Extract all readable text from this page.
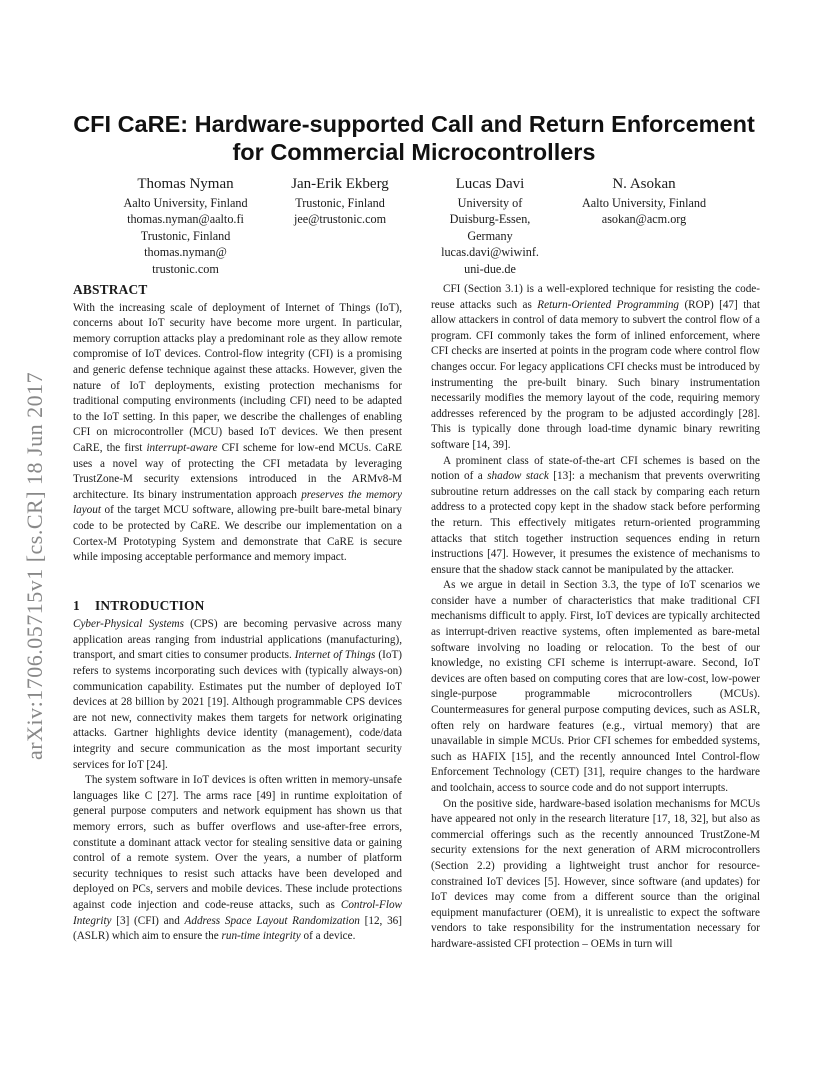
arXiv:1706.05715v1 [cs.CR] 18 Jun 2017
CFI CaRE: Hardware-supported Call and Return Enforcement
for Commercial Microcontrollers
Thomas Nyman
Aalto University, Finland
thomas.nyman@aalto.fi
Trustonic, Finland
thomas.nyman@
trustonic.com
Jan-Erik Ekberg
Trustonic, Finland
jee@trustonic.com
Lucas Davi
University of
Duisburg-Essen,
Germany
lucas.davi@wiwinf.
uni-due.de
N. Asokan
Aalto University, Finland
asokan@acm.org
ABSTRACT

With the increasing scale of deployment of Internet of Things (IoT), concerns about IoT security have become more urgent. In particular, memory corruption attacks play a predominant role as they allow remote compromise of IoT devices. Control-flow integrity (CFI) is a promising and generic defense technique against these attacks. However, given the nature of IoT deployments, existing protection mechanisms for traditional computing environments (including CFI) need to be adapted to the IoT setting. In this paper, we describe the challenges of enabling CFI on microcontroller (MCU) based IoT devices. We then present CaRE, the first interrupt-aware CFI scheme for low-end MCUs. CaRE uses a novel way of protecting the CFI metadata by leveraging TrustZone-M security extensions introduced in the ARMv8-M architecture. Its binary instrumentation approach preserves the memory layout of the target MCU software, allowing pre-built bare-metal binary code to be protected by CaRE. We describe our implementation on a Cortex-M Prototyping System and demonstrate that CaRE is secure while imposing acceptable performance and memory impact.

1 INTRODUCTION

Cyber-Physical Systems (CPS) are becoming pervasive across many application areas ranging from industrial applications (manufacturing), transport, and smart cities to consumer products. Internet of Things (IoT) refers to systems incorporating such devices with (typically always-on) communication capability. Estimates put the number of deployed IoT devices at 28 billion by 2021 [19]. Although programmable CPS devices are not new, connectivity makes them targets for network originating attacks. Gartner highlights device identity (management), code/data integrity and secure communication as the most important security services for IoT [24].

The system software in IoT devices is often written in memory-unsafe languages like C [27]. The arms race [49] in runtime exploitation of general purpose computers and network equipment has shown us that memory errors, such as buffer overflows and use-after-free errors, constitute a dominant attack vector for stealing sensitive data or gaining control of a remote system. Over the years, a number of platform security techniques to resist such attacks have been developed and deployed on PCs, servers and mobile devices. These include protections against code injection and code-reuse attacks, such as Control-Flow Integrity [3] (CFI) and Address Space Layout Randomization [12, 36] (ASLR) which aim to ensure the run-time integrity of a device.

CFI (Section 3.1) is a well-explored technique for resisting the code-reuse attacks such as Return-Oriented Programming (ROP) [47] that allow attackers in control of data memory to subvert the control flow of a program. CFI commonly takes the form of inlined enforcement, where CFI checks are inserted at points in the program code where control flow changes occur. For legacy applications CFI checks must be introduced by instrumenting the pre-built binary. Such binary instrumentation necessarily modifies the memory layout of the code, requiring memory addresses referenced by the program to be adjusted accordingly [28]. This is typically done through load-time dynamic binary rewriting software [14, 39].

A prominent class of state-of-the-art CFI schemes is based on the notion of a shadow stack [13]: a mechanism that prevents overwriting subroutine return addresses on the call stack by comparing each return address to a protected copy kept in the shadow stack before performing the return. This effectively mitigates return-oriented programming attacks that stitch together instruction sequences ending in return instructions [47]. However, it presumes the existence of mechanisms to ensure that the shadow stack cannot be manipulated by the attacker.

As we argue in detail in Section 3.3, the type of IoT scenarios we consider have a number of characteristics that make traditional CFI mechanisms difficult to apply. First, IoT devices are typically architected as interrupt-driven reactive systems, often implemented as bare-metal software involving no loading or relocation. To the best of our knowledge, no existing CFI scheme is interrupt-aware. Second, IoT devices are often based on computing cores that are low-cost, low-power single-purpose programmable microcontrollers (MCUs). Countermeasures for general purpose computing devices, such as ASLR, often rely on hardware features (e.g., virtual memory) that are unavailable in simple MCUs. Prior CFI schemes for embedded systems, such as HAFIX [15], and the recently announced Intel Control-flow Enforcement Technology (CET) [31], require changes to the hardware and toolchain, access to source code and do not support interrupts.

On the positive side, hardware-based isolation mechanisms for MCUs have appeared not only in the research literature [17, 18, 32], but also as commercial offerings such as the recently announced TrustZone-M security extensions for the next generation of ARM microcontrollers (Section 2.2) providing a lightweight trust anchor for resource-constrained IoT devices [5]. However, since software (and updates) for IoT devices may come from a different source than the original equipment manufacturer (OEM), it is unrealistic to expect the software vendors to take responsibility for the instrumentation necessary for hardware-assisted CFI protection – OEMs in turn will
